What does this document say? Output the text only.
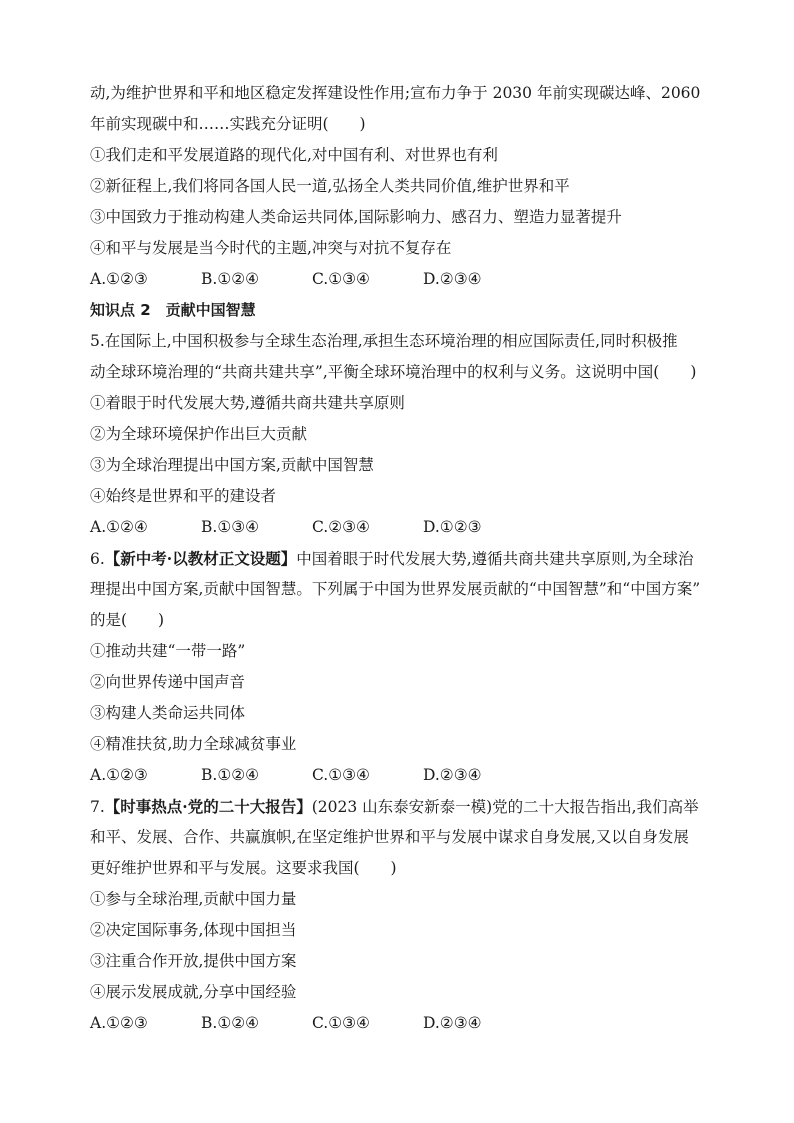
动,为维护世界和平和地区稳定发挥建设性作用;宣布力争于 2030 年前实现碳达峰、2060
年前实现碳中和……实践充分证明(　　)
①我们走和平发展道路的现代化,对中国有利、对世界也有利
②新征程上,我们将同各国人民一道,弘扬全人类共同价值,维护世界和平
③中国致力于推动构建人类命运共同体,国际影响力、感召力、塑造力显著提升
④和平与发展是当今时代的主题,冲突与对抗不复存在
A.①②③	B.①②④	C.①③④	D.②③④
知识点 2　贡献中国智慧
5.在国际上,中国积极参与全球生态治理,承担生态环境治理的相应国际责任,同时积极推
动全球环境治理的“共商共建共享”,平衡全球环境治理中的权利与义务。这说明中国(　　)
①着眼于时代发展大势,遵循共商共建共享原则
②为全球环境保护作出巨大贡献
③为全球治理提出中国方案,贡献中国智慧
④始终是世界和平的建设者
A.①②④	B.①③④	C.②③④	D.①②③
6.【新中考·以教材正文设题】中国着眼于时代发展大势,遵循共商共建共享原则,为全球治
理提出中国方案,贡献中国智慧。下列属于中国为世界发展贡献的“中国智慧”和“中国方案”
的是(　　)
①推动共建“一带一路”
②向世界传递中国声音
③构建人类命运共同体
④精准扶贫,助力全球减贫事业
A.①②③	B.①②④	C.①③④	D.②③④
7.【时事热点·党的二十大报告】(2023 山东泰安新泰一模)党的二十大报告指出,我们高举
和平、发展、合作、共赢旗帜,在坚定维护世界和平与发展中谋求自身发展,又以自身发展
更好维护世界和平与发展。这要求我国(　　)
①参与全球治理,贡献中国力量
②决定国际事务,体现中国担当
③注重合作开放,提供中国方案
④展示发展成就,分享中国经验
A.①②③	B.①②④	C.①③④	D.②③④
